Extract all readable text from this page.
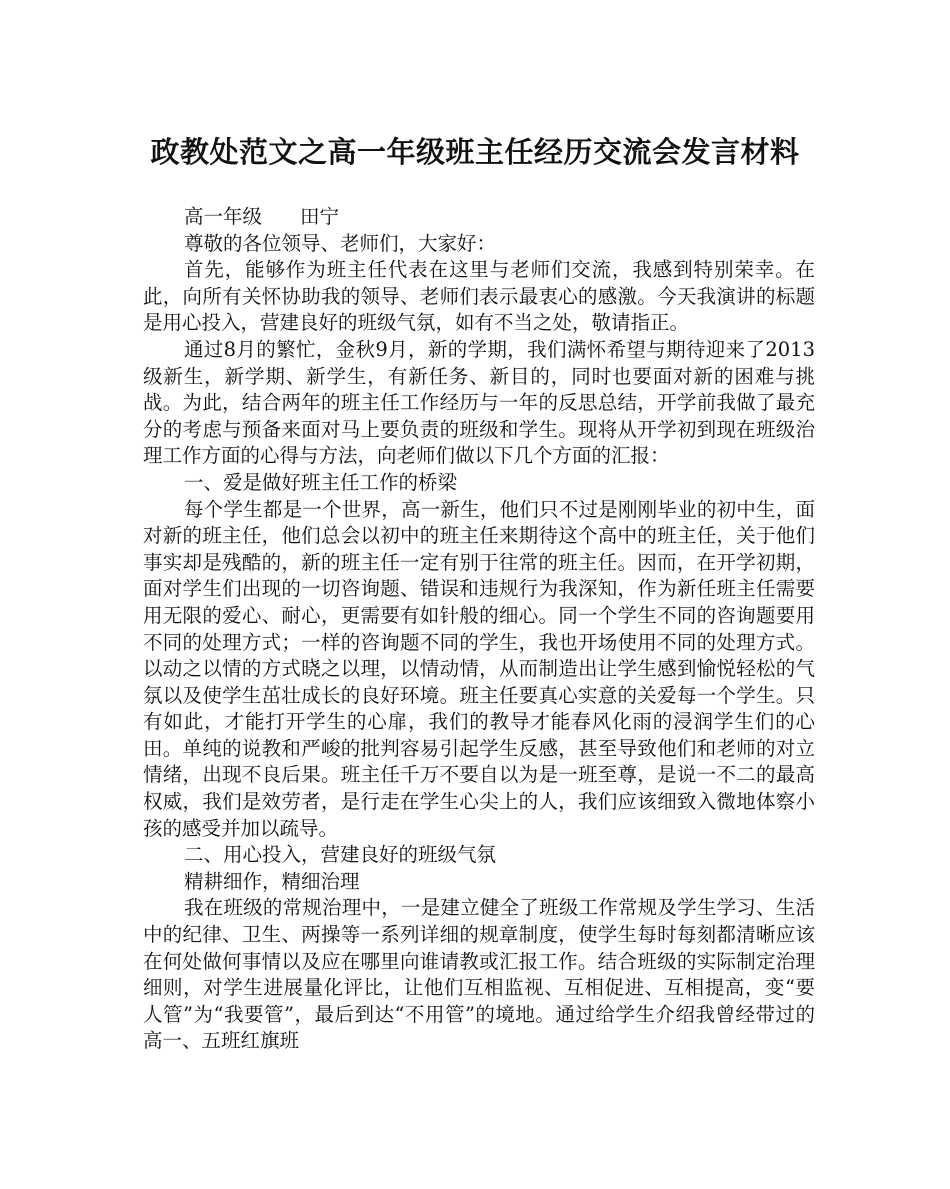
政教处范文之高一年级班主任经历交流会发言材料

高一年级 田宁

尊敬的各位领导、老师们，大家好：

首先，能够作为班主任代表在这里与老师们交流，我感到特别荣幸。在此，向所有关怀协助我的领导、老师们表示最衷心的感激。今天我演讲的标题是用心投入，营建良好的班级气氛，如有不当之处，敬请指正。

通过8月的繁忙，金秋9月，新的学期，我们满怀希望与期待迎来了2013级新生，新学期、新学生，有新任务、新目的，同时也要面对新的困难与挑战。为此，结合两年的班主任工作经历与一年的反思总结，开学前我做了最充分的考虑与预备来面对马上要负责的班级和学生。现将从开学初到现在班级治理工作方面的心得与方法，向老师们做以下几个方面的汇报：

一、爱是做好班主任工作的桥梁

每个学生都是一个世界，高一新生，他们只不过是刚刚毕业的初中生，面对新的班主任，他们总会以初中的班主任来期待这个高中的班主任，关于他们事实却是残酷的，新的班主任一定有别于往常的班主任。因而，在开学初期，面对学生们出现的一切咨询题、错误和违规行为我深知，作为新任班主任需要用无限的爱心、耐心，更需要有如针般的细心。同一个学生不同的咨询题要用不同的处理方式；一样的咨询题不同的学生，我也开场使用不同的处理方式。以动之以情的方式晓之以理，以情动情，从而制造出让学生感到愉悦轻松的气氛以及使学生茁壮成长的良好环境。班主任要真心实意的关爱每一个学生。只有如此，才能打开学生的心扉，我们的教导才能春风化雨的浸润学生们的心田。单纯的说教和严峻的批判容易引起学生反感，甚至导致他们和老师的对立情绪，出现不良后果。班主任千万不要自以为是一班至尊，是说一不二的最高权威，我们是效劳者，是行走在学生心尖上的人，我们应该细致入微地体察小孩的感受并加以疏导。

二、用心投入，营建良好的班级气氛

精耕细作，精细治理

我在班级的常规治理中，一是建立健全了班级工作常规及学生学习、生活中的纪律、卫生、两操等一系列详细的规章制度，使学生每时每刻都清晰应该在何处做何事情以及应在哪里向谁请教或汇报工作。结合班级的实际制定治理细则，对学生进展量化评比，让他们互相监视、互相促进、互相提高，变“要人管”为“我要管”，最后到达“不用管”的境地。通过给学生介绍我曾经带过的高一、五班红旗班
